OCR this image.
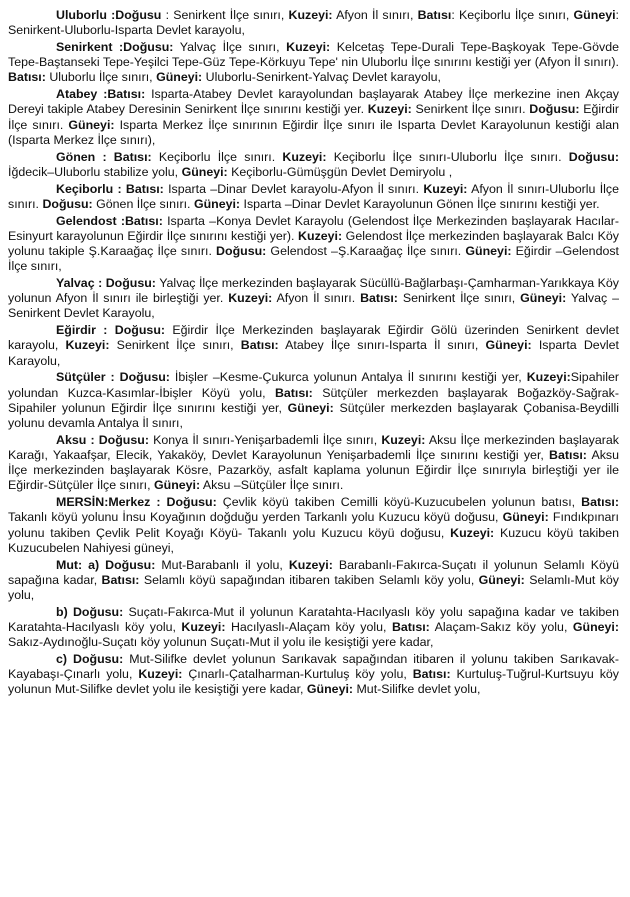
Uluborlu :Doğusu : Senirkent İlçe sınırı, Kuzeyi: Afyon İl sınırı, Batısı: Keçiborlu İlçe sınırı, Güneyi: Senirkent-Uluborlu-Isparta Devlet karayolu,

Senirkent :Doğusu: Yalvaç İlçe sınırı, Kuzeyi: Kelcetaş Tepe-Durali Tepe-Başkoyak Tepe-Gövde Tepe-Baştanseki Tepe-Yeşilci Tepe-Güz Tepe-Körkuyu Tepe' nin Uluborlu İlçe sınırını kestiği yer (Afyon İl sınırı). Batısı: Uluborlu İlçe sınırı, Güneyi: Uluborlu-Senirkent-Yalvaç Devlet karayolu,

Atabey :Batısı: Isparta-Atabey Devlet karayolundan başlayarak Atabey İlçe merkezine inen Akçay Dereyi takiple Atabey Deresinin Senirkent İlçe sınırını kestiği yer. Kuzeyi: Senirkent İlçe sınırı. Doğusu: Eğirdir İlçe sınırı. Güneyi: Isparta Merkez İlçe sınırının Eğirdir İlçe sınırı ile Isparta Devlet Karayolunun kestiği alan (Isparta Merkez İlçe sınırı),

Gönen : Batısı: Keçiborlu İlçe sınırı. Kuzeyi: Keçiborlu İlçe sınırı-Uluborlu İlçe sınırı. Doğusu: İğdecik–Uluborlu stabilize yolu, Güneyi: Keçiborlu-Gümüşgün Devlet Demiryolu ,

Keçiborlu : Batısı: Isparta –Dinar Devlet karayolu-Afyon İl sınırı. Kuzeyi: Afyon İl sınırı-Uluborlu İlçe sınırı. Doğusu: Gönen İlçe sınırı. Güneyi: Isparta –Dinar Devlet Karayolunun Gönen İlçe sınırını kestiği yer.

Gelendost :Batısı: Isparta –Konya Devlet Karayolu (Gelendost İlçe Merkezinden başlayarak Hacılar-Esinyurt karayolunun Eğirdir İlçe sınırını kestiği yer). Kuzeyi: Gelendost İlçe merkezinden başlayarak Balcı Köy yolunu takiple Ş.Karaağaç İlçe sınırı. Doğusu: Gelendost –Ş.Karaağaç İlçe sınırı. Güneyi: Eğirdir –Gelendost İlçe sınırı,

Yalvaç : Doğusu: Yalvaç İlçe merkezinden başlayarak Sücüllü-Bağlarbaşı-Çamharman-Yarıkkaya Köy yolunun Afyon İl sınırı ile birleştiği yer. Kuzeyi: Afyon İl sınırı. Batısı: Senirkent İlçe sınırı, Güneyi: Yalvaç –Senirkent Devlet Karayolu,

Eğirdir : Doğusu: Eğirdir İlçe Merkezinden başlayarak Eğirdir Gölü üzerinden Senirkent devlet karayolu, Kuzeyi: Senirkent İlçe sınırı, Batısı: Atabey İlçe sınırı-Isparta İl sınırı, Güneyi: Isparta Devlet Karayolu,

Sütçüler : Doğusu: İbişler –Kesme-Çukurca yolunun Antalya İl sınırını kestiği yer, Kuzeyi:Sipahiler yolundan Kuzca-Kasımlar-İbişler Köyü yolu, Batısı: Sütçüler merkezden başlayarak Boğazköy-Sağrak-Sipahiler yolunun Eğirdir İlçe sınırını kestiği yer, Güneyi: Sütçüler merkezden başlayarak Çobanisa-Beydilli yolunu devamla Antalya İl sınırı,

Aksu : Doğusu: Konya İl sınırı-Yenişarbademli İlçe sınırı, Kuzeyi: Aksu İlçe merkezinden başlayarak Karağı, Yakaafşar, Elecik, Yakaköy, Devlet Karayolunun Yenişarbademli İlçe sınırını kestiği yer, Batısı: Aksu İlçe merkezinden başlayarak Kösre, Pazarköy, asfalt kaplama yolunun Eğirdir İlçe sınırıyla birleştiği yer ile Eğirdir-Sütçüler İlçe sınırı, Güneyi: Aksu –Sütçüler İlçe sınırı.

MERSİN:Merkez : Doğusu: Çevlik köyü takiben Cemilli köyü-Kuzucubelen yolunun batısı, Batısı: Takanlı köyü yolunu İnsu Koyağının doğduğu yerden Tarkanlı yolu Kuzucu köyü doğusu, Güneyi: Fındıkpınarı yolunu takiben Çevlik Pelit Koyağı Köyü- Takanlı yolu Kuzucu köyü doğusu, Kuzeyi: Kuzucu köyü takiben Kuzucubelen Nahiyesi güneyi,

Mut: a) Doğusu: Mut-Barabanlı il yolu, Kuzeyi: Barabanlı-Fakırca-Suçatı il yolunun Selamlı Köyü sapağına kadar, Batısı: Selamlı köyü sapağından itibaren takiben Selamlı köy yolu, Güneyi: Selamlı-Mut köy yolu,

b) Doğusu: Suçatı-Fakırca-Mut il yolunun Karatahta-Hacılyaslı köy yolu sapağına kadar ve takiben Karatahta-Hacılyaslı köy yolu, Kuzeyi: Hacılyaslı-Alaçam köy yolu, Batısı: Alaçam-Sakız köy yolu, Güneyi: Sakız-Aydınoğlu-Suçatı köy yolunun Suçatı-Mut il yolu ile kesiştiği yere kadar,

c) Doğusu: Mut-Silifke devlet yolunun Sarıkavak sapağından itibaren il yolunu takiben Sarıkavak-Kayabaşı-Çınarlı yolu, Kuzeyi: Çınarlı-Çatalharman-Kurtuluş köy yolu, Batısı: Kurtuluş-Tuğrul-Kurtsuyu köy yolunun Mut-Silifke devlet yolu ile kesiştiği yere kadar, Güneyi: Mut-Silifke devlet yolu,
